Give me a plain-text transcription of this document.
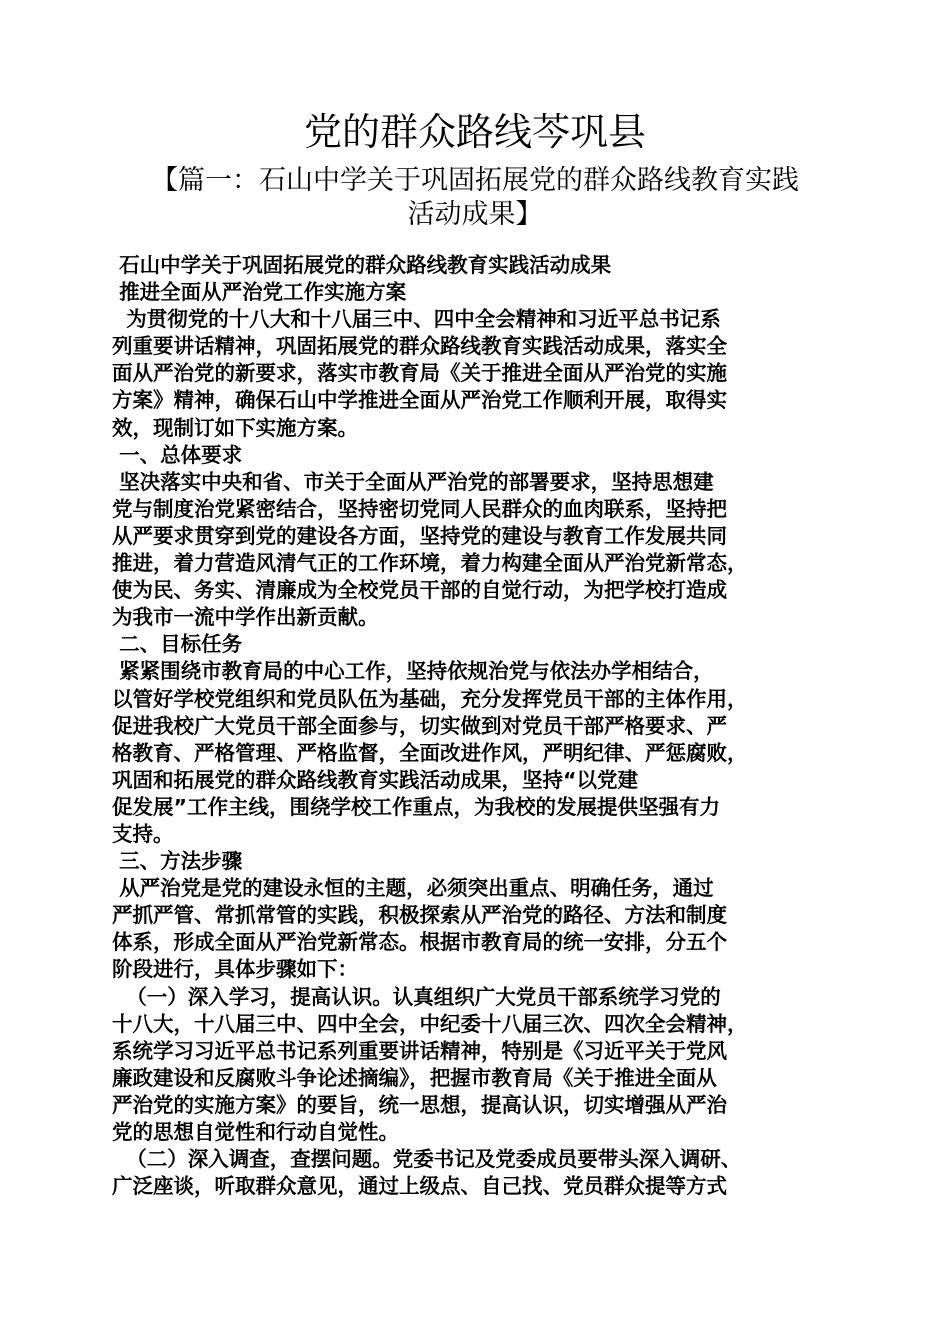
党的群众路线芩巩县
【篇一：石山中学关于巩固拓展党的群众路线教育实践
活动成果】

石山中学关于巩固拓展党的群众路线教育实践活动成果

推进全面从严治党工作实施方案

为贯彻党的十八大和十八届三中、四中全会精神和习近平总书记系

列重要讲话精神，巩固拓展党的群众路线教育实践活动成果，落实全

面从严治党的新要求，落实市教育局《关于推进全面从严治党的实施

方案》精神，确保石山中学推进全面从严治党工作顺利开展，取得实

效，现制订如下实施方案。

一、总体要求

坚决落实中央和省、市关于全面从严治党的部署要求，坚持思想建

党与制度治党紧密结合，坚持密切党同人民群众的血肉联系，坚持把

从严要求贯穿到党的建设各方面，坚持党的建设与教育工作发展共同

推进，着力营造风清气正的工作环境，着力构建全面从严治党新常态，

使为民、务实、清廉成为全校党员干部的自觉行动，为把学校打造成

为我市一流中学作出新贡献。

二、目标任务

紧紧围绕市教育局的中心工作，坚持依规治党与依法办学相结合，

以管好学校党组织和党员队伍为基础，充分发挥党员干部的主体作用，

促进我校广大党员干部全面参与，切实做到对党员干部严格要求、严

格教育、严格管理、严格监督，全面改进作风，严明纪律、严惩腐败，

巩固和拓展党的群众路线教育实践活动成果，坚持“以党建

促发展”工作主线，围绕学校工作重点，为我校的发展提供坚强有力

支持。

三、方法步骤

从严治党是党的建设永恒的主题，必须突出重点、明确任务，通过

严抓严管、常抓常管的实践，积极探索从严治党的路径、方法和制度

体系，形成全面从严治党新常态。根据市教育局的统一安排，分五个

阶段进行，具体步骤如下：

（一）深入学习，提高认识。认真组织广大党员干部系统学习党的

十八大，十八届三中、四中全会，中纪委十八届三次、四次全会精神，

系统学习习近平总书记系列重要讲话精神，特别是《习近平关于党风

廉政建设和反腐败斗争论述摘编》，把握市教育局《关于推进全面从

严治党的实施方案》的要旨，统一思想，提高认识，切实增强从严治

党的思想自觉性和行动自觉性。

（二）深入调查，查摆问题。党委书记及党委成员要带头深入调研、

广泛座谈，听取群众意见，通过上级点、自己找、党员群众提等方式
